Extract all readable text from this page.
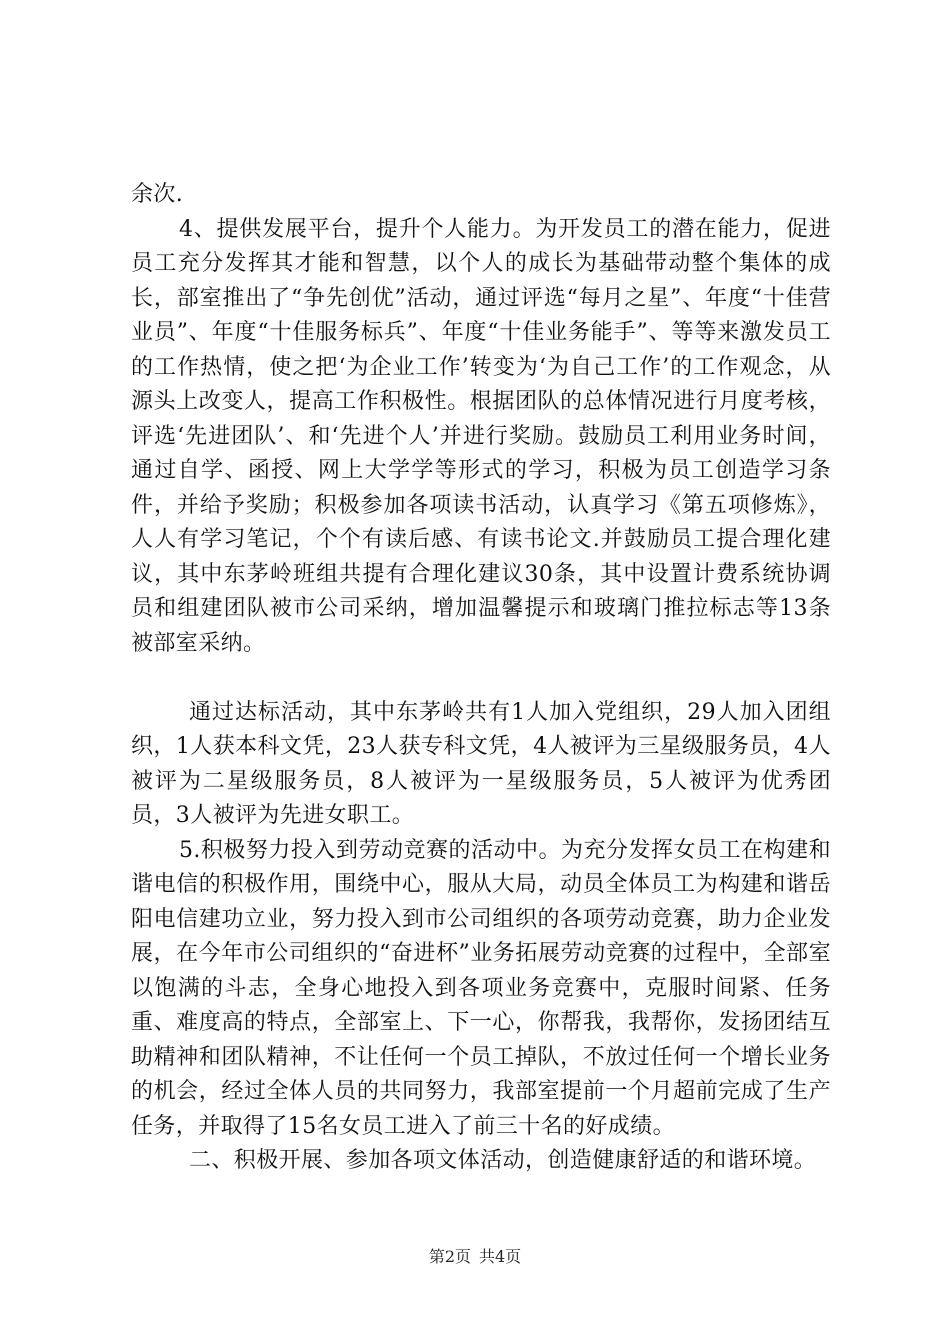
余次.

4、提供发展平台，提升个人能力。为开发员工的潜在能力，促进员工充分发挥其才能和智慧，以个人的成长为基础带动整个集体的成长，部室推出了“争先创优”活动，通过评选“每月之星”、年度“十佳营业员”、年度“十佳服务标兵”、年度“十佳业务能手”、等等来激发员工的工作热情，使之把‘为企业工作’转变为‘为自己工作’的工作观念，从源头上改变人，提高工作积极性。根据团队的总体情况进行月度考核，评选‘先进团队’、和‘先进个人’并进行奖励。鼓励员工利用业务时间，通过自学、函授、网上大学学等形式的学习，积极为员工创造学习条件，并给予奖励；积极参加各项读书活动，认真学习《第五项修炼》，人人有学习笔记，个个有读后感、有读书论文.并鼓励员工提合理化建议，其中东茅岭班组共提有合理化建议30条，其中设置计费系统协调员和组建团队被市公司采纳，增加温馨提示和玻璃门推拉标志等13条被部室采纳。

通过达标活动，其中东茅岭共有1人加入党组织，29人加入团组织，1人获本科文凭，23人获专科文凭，4人被评为三星级服务员，4人被评为二星级服务员，8人被评为一星级服务员，5人被评为优秀团员，3人被评为先进女职工。

5.积极努力投入到劳动竞赛的活动中。为充分发挥女员工在构建和谐电信的积极作用，围绕中心，服从大局，动员全体员工为构建和谐岳阳电信建功立业，努力投入到市公司组织的各项劳动竞赛，助力企业发展，在今年市公司组织的“奋进杯”业务拓展劳动竞赛的过程中，全部室以饱满的斗志，全身心地投入到各项业务竞赛中，克服时间紧、任务重、难度高的特点，全部室上、下一心，你帮我，我帮你，发扬团结互助精神和团队精神，不让任何一个员工掉队，不放过任何一个增长业务的机会，经过全体人员的共同努力，我部室提前一个月超前完成了生产任务，并取得了15名女员工进入了前三十名的好成绩。

二、积极开展、参加各项文体活动，创造健康舒适的和谐环境。

第2页 共4页
